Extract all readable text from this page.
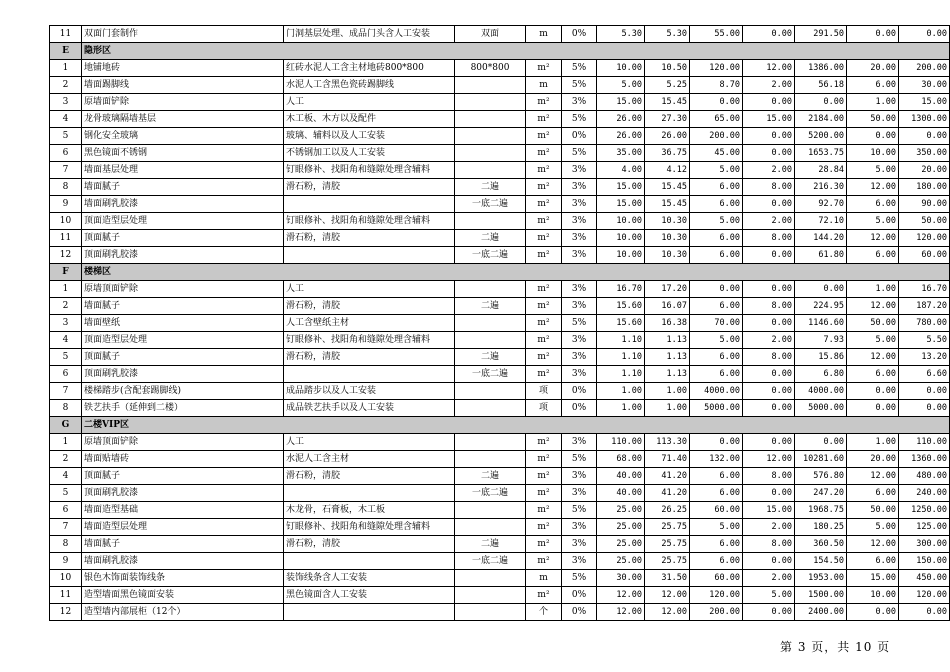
11	双面门套制作	门洞基层处理、成品门头含人工安装	双面	m	0%	5.30	5.30	55.00	0.00	291.50	0.00	0.00
E	隐形区											
1	地铺地砖	红砖水泥人工含主材地砖800*800	800*800	m²	5%	10.00	10.50	120.00	12.00	1386.00	20.00	200.00
2	墙面踢脚线	水泥人工含黑色瓷砖踢脚线		m	5%	5.00	5.25	8.70	2.00	56.18	6.00	30.00
3	原墙面铲除	人工		m²	3%	15.00	15.45	0.00	0.00	0.00	1.00	15.00
4	龙骨玻璃隔墙基层	木工板、木方以及配件		m²	5%	26.00	27.30	65.00	15.00	2184.00	50.00	1300.00
5	钢化安全玻璃	玻璃、辅料以及人工安装		m²	0%	26.00	26.00	200.00	0.00	5200.00	0.00	0.00
6	黑色镜面不锈钢	不锈钢加工以及人工安装		m²	5%	35.00	36.75	45.00	0.00	1653.75	10.00	350.00
7	墙面基层处理	钉眼修补、找阳角和缝隙处理含辅料		m²	3%	4.00	4.12	5.00	2.00	28.84	5.00	20.00
8	墙面腻子	滑石粉，清胶	二遍	m²	3%	15.00	15.45	6.00	8.00	216.30	12.00	180.00
9	墙面刷乳胶漆		一底二遍	m²	3%	15.00	15.45	6.00	0.00	92.70	6.00	90.00
10	顶面造型层处理	钉眼修补、找阳角和缝隙处理含辅料		m²	3%	10.00	10.30	5.00	2.00	72.10	5.00	50.00
11	顶面腻子	滑石粉，清胶	二遍	m²	3%	10.00	10.30	6.00	8.00	144.20	12.00	120.00
12	顶面刷乳胶漆		一底二遍	m²	3%	10.00	10.30	6.00	0.00	61.80	6.00	60.00
F	楼梯区											
1	原墙顶面铲除	人工		m²	3%	16.70	17.20	0.00	0.00	0.00	1.00	16.70
2	墙面腻子	滑石粉，清胶	二遍	m²	3%	15.60	16.07	6.00	8.00	224.95	12.00	187.20
3	墙面壁纸	人工含壁纸主材		m²	5%	15.60	16.38	70.00	0.00	1146.60	50.00	780.00
4	顶面造型层处理	钉眼修补、找阳角和缝隙处理含辅料		m²	3%	1.10	1.13	5.00	2.00	7.93	5.00	5.50
5	顶面腻子	滑石粉，清胶	二遍	m²	3%	1.10	1.13	6.00	8.00	15.86	12.00	13.20
6	顶面刷乳胶漆		一底二遍	m²	3%	1.10	1.13	6.00	0.00	6.80	6.00	6.60
7	楼梯踏步(含配套踢脚线)	成品踏步以及人工安装		项	0%	1.00	1.00	4000.00	0.00	4000.00	0.00	0.00
8	铁艺扶手（延伸到二楼）	成品铁艺扶手以及人工安装		项	0%	1.00	1.00	5000.00	0.00	5000.00	0.00	0.00
G	二楼VIP区											
1	原墙顶面铲除	人工		m²	3%	110.00	113.30	0.00	0.00	0.00	1.00	110.00
2	墙面贴墙砖	水泥人工含主材		m²	5%	68.00	71.40	132.00	12.00	10281.60	20.00	1360.00
4	顶面腻子	滑石粉，清胶	二遍	m²	3%	40.00	41.20	6.00	8.00	576.80	12.00	480.00
5	顶面刷乳胶漆		一底二遍	m²	3%	40.00	41.20	6.00	0.00	247.20	6.00	240.00
6	墙面造型基础	木龙骨，石膏板，木工板		m²	5%	25.00	26.25	60.00	15.00	1968.75	50.00	1250.00
7	墙面造型层处理	钉眼修补、找阳角和缝隙处理含辅料		m²	3%	25.00	25.75	5.00	2.00	180.25	5.00	125.00
8	墙面腻子	滑石粉，清胶	二遍	m²	3%	25.00	25.75	6.00	8.00	360.50	12.00	300.00
9	墙面刷乳胶漆		一底二遍	m²	3%	25.00	25.75	6.00	0.00	154.50	6.00	150.00
10	银色木饰面装饰线条	装饰线条含人工安装		m	5%	30.00	31.50	60.00	2.00	1953.00	15.00	450.00
11	造型墙面黑色镜面安装	黑色镜面含人工安装		m²	0%	12.00	12.00	120.00	5.00	1500.00	10.00	120.00
12	造型墙内部展柜（12个）			个	0%	12.00	12.00	200.00	0.00	2400.00	0.00	0.00
第 3 页，共 10 页
